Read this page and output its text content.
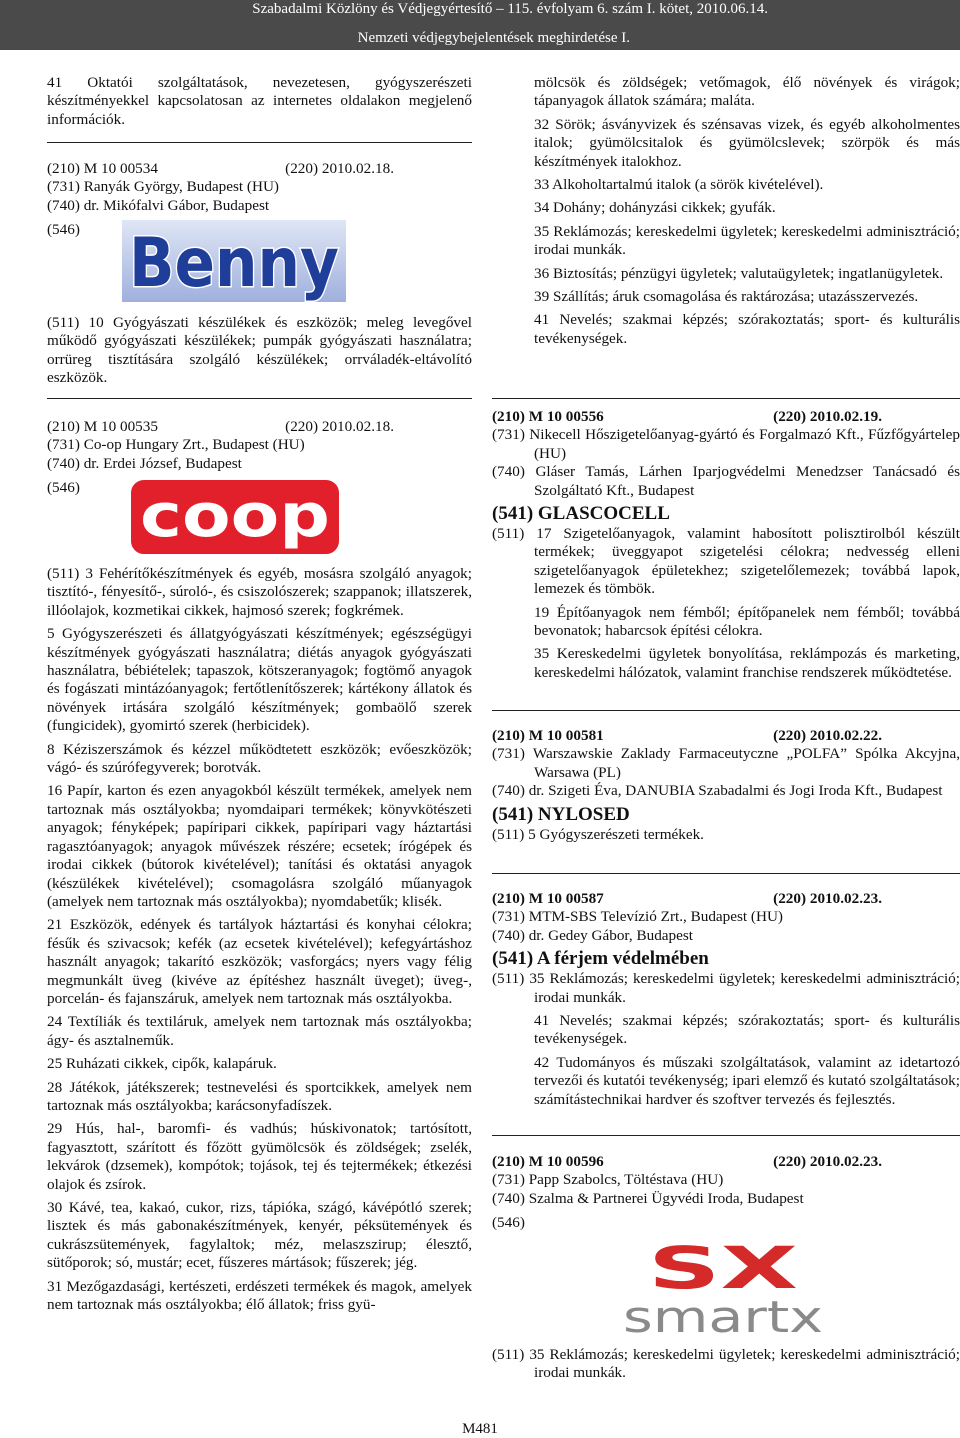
Szabadalmi Közlöny és Védjegyértesítő – 115. évfolyam 6. szám I. kötet, 2010.06.14.
Nemzeti védjegybejelentések meghirdetése I.

41 Oktatói szolgáltatások, nevezetesen, gyógyszerészeti készítményekkel kapcsolatosan az internetes oldalakon megjelenő információk.

(210) M 10 00534	(220) 2010.02.18.

(731) Ranyák György, Budapest (HU)

(740) dr. Mikófalvi Gábor, Budapest

(546) Benny

(511) 10 Gyógyászati készülékek és eszközök; meleg levegővel működő gyógyászati készülékek; pumpák gyógyászati használatra; orrüreg tisztítására szolgáló készülékek; orrváladék-eltávolító eszközök.

(210) M 10 00535	(220) 2010.02.18.

(731) Co-op Hungary Zrt., Budapest (HU)

(740) dr. Erdei József, Budapest

(546)	coop

(511) 3 Fehérítőkészítmények és egyéb, mosásra szolgáló anyagok; tisztító-, fényesítő-, súroló-, és csiszolószerek; szappanok; illatszerek, illóolajok, kozmetikai cikkek, hajmosó szerek; fogkrémek.

5 Gyógyszerészeti és állatgyógyászati készítmények; egészségügyi készítmények gyógyászati használatra; diétás anyagok gyógyászati használatra, bébiételek; tapaszok, kötszeranyagok; fogtömő anyagok és fogászati mintázóanyagok; fertőtlenítőszerek; kártékony állatok és növények irtására szolgáló készítmények; gombaölő szerek (fungicidek), gyomirtó szerek (herbicidek).

8 Kéziszerszámok és kézzel működtetett eszközök; evőeszközök; vágó- és szúrófegyverek; borotvák.

16 Papír, karton és ezen anyagokból készült termékek, amelyek nem tartoznak más osztályokba; nyomdaipari termékek; könyvkötészeti anyagok; fényképek; papíripari cikkek, papíripari vagy háztartási ragasztóanyagok; anyagok művészek részére; ecsetek; írógépek és irodai cikkek (bútorok kivételével); tanítási és oktatási anyagok (készülékek kivételével); csomagolásra szolgáló műanyagok (amelyek nem tartoznak más osztályokba); nyomdabetűk; klisék.

21 Eszközök, edények és tartályok háztartási és konyhai célokra; fésűk és szivacsok; kefék (az ecsetek kivételével); kefegyártáshoz használt anyagok; takarító eszközök; vasforgács; nyers vagy félig megmunkált üveg (kivéve az építéshez használt üveget); üveg-, porcelán- és fajanszáruk, amelyek nem tartoznak más osztályokba.

24 Textíliák és textiláruk, amelyek nem tartoznak más osztályokba; ágy- és asztalneműk.

25 Ruházati cikkek, cipők, kalapáruk.

28 Játékok, játékszerek; testnevelési és sportcikkek, amelyek nem tartoznak más osztályokba; karácsonyfadíszek.

29 Hús, hal-, baromfi- és vadhús; húskivonatok; tartósított, fagyasztott, szárított és főzött gyümölcsök és zöldségek; zselék, lekvárok (dzsemek), kompótok; tojások, tej és tejtermékek; étkezési olajok és zsírok.

30 Kávé, tea, kakaó, cukor, rizs, tápióka, szágó, kávépótló szerek; lisztek és más gabonakészítmények, kenyér, péksütemények és cukrászsütemények, fagylaltok; méz, melaszszirup; élesztő, sütőporok; só, mustár; ecet, fűszeres mártások; fűszerek; jég.

31 Mezőgazdasági, kertészeti, erdészeti termékek és magok, amelyek nem tartoznak más osztályokba; élő állatok; friss gyü-

mölcsök és zöldségek; vetőmagok, élő növények és virágok; tápanyagok állatok számára; maláta.

32 Sörök; ásványvizek és szénsavas vizek, és egyéb alkoholmentes italok; gyümölcsitalok és gyümölcslevek; szörpök és más készítmények italokhoz.

33 Alkoholtartalmú italok (a sörök kivételével).

34 Dohány; dohányzási cikkek; gyufák.

35 Reklámozás; kereskedelmi ügyletek; kereskedelmi adminisztráció; irodai munkák.

36 Biztosítás; pénzügyi ügyletek; valutaügyletek; ingatlanügyletek.

39 Szállítás; áruk csomagolása és raktározása; utazásszervezés.

41 Nevelés; szakmai képzés; szórakoztatás; sport- és kulturális tevékenységek.

(210) M 10 00556	(220) 2010.02.19.

(731) Nikecell Hőszigetelőanyag-gyártó és Forgalmazó Kft., Fűzfőgyártelep (HU)

(740) Gláser Tamás, Lárhen Iparjogvédelmi Menedzser Tanácsadó és Szolgáltató Kft., Budapest

(541) GLASCOCELL

(511) 17 Szigetelőanyagok, valamint habosított polisztirolból készült termékek; üveggyapot szigetelési célokra; nedvesség elleni szigetelőanyagok épületekhez; szigetelőlemezek; továbbá lapok, lemezek és tömbök.

19 Építőanyagok nem fémből; építőpanelek nem fémből; továbbá bevonatok; habarcsok építési célokra.

35 Kereskedelmi ügyletek bonyolítása, reklámpozás és marketing, kereskedelmi hálózatok, valamint franchise rendszerek működtetése.

(210) M 10 00581	(220) 2010.02.22.

(731) Warszawskie Zaklady Farmaceutyczne „POLFA” Spólka Akcyjna, Warsawa (PL)

(740) dr. Szigeti Éva, DANUBIA Szabadalmi és Jogi Iroda Kft., Budapest

(541) NYLOSED

(511) 5 Gyógyszerészeti termékek.

(210) M 10 00587	(220) 2010.02.23.

(731) MTM-SBS Televízió Zrt., Budapest (HU)

(740) dr. Gedey Gábor, Budapest

(541) A férjem védelmében

(511) 35 Reklámozás; kereskedelmi ügyletek; kereskedelmi adminisztráció; irodai munkák.

41 Nevelés; szakmai képzés; szórakoztatás; sport- és kulturális tevékenységek.

42 Tudományos és műszaki szolgáltatások, valamint az idetartozó tervezői és kutatói tevékenység; ipari elemző és kutató szolgáltatások; számítástechnikai hardver és szoftver tervezés és fejlesztés.

(210) M 10 00596	(220) 2010.02.23.

(731) Papp Szabolcs, Töltéstava (HU)

(740) Szalma & Partnerei Ügyvédi Iroda, Budapest

(546)

SX
smartx

(511) 35 Reklámozás; kereskedelmi ügyletek; kereskedelmi adminisztráció; irodai munkák.

M481
